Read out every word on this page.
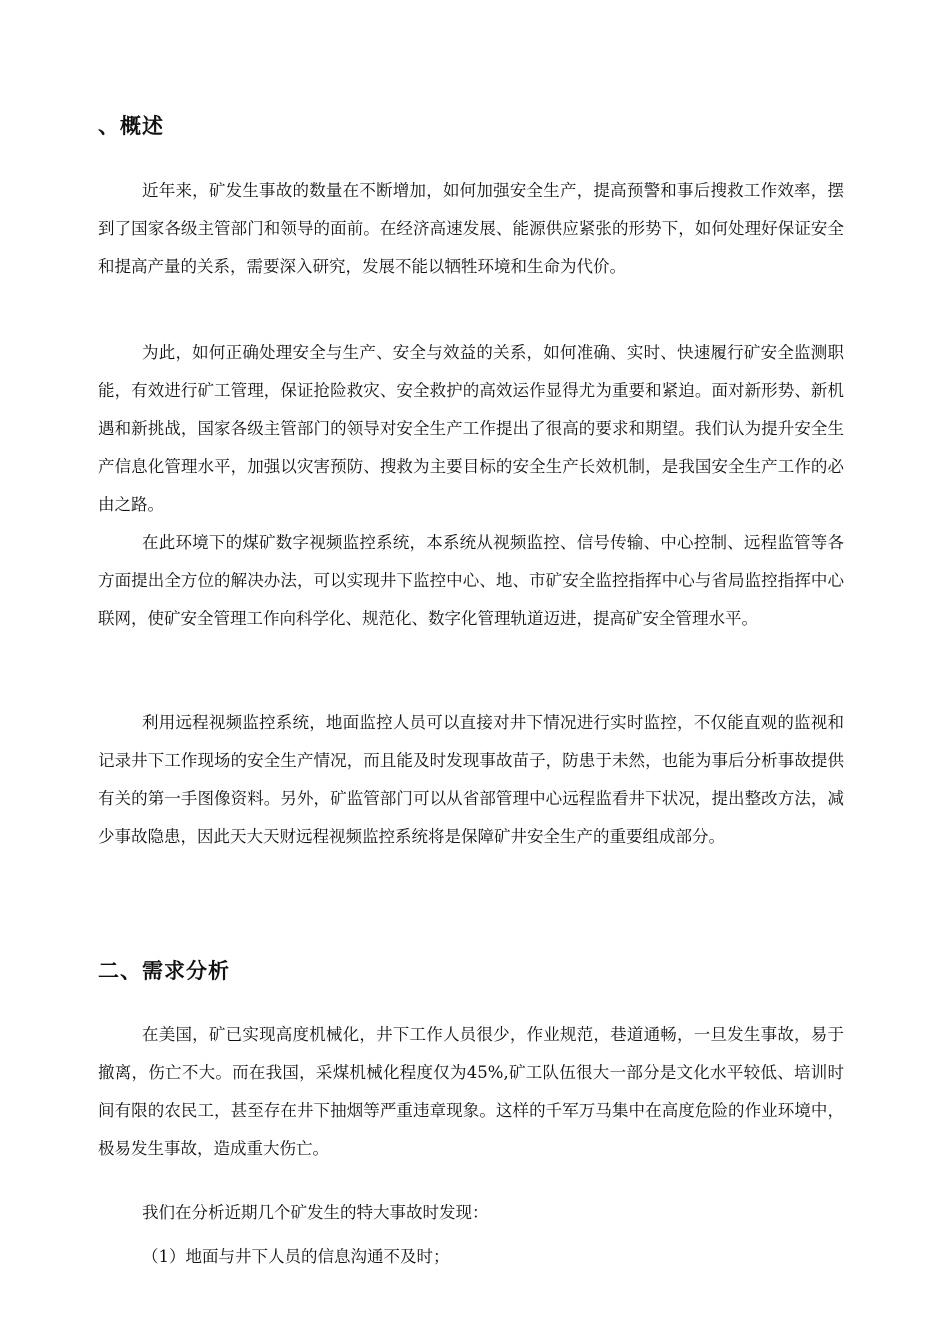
、概述

近年来，矿发生事故的数量在不断增加，如何加强安全生产，提高预警和事后搜救工作效率，摆到了国家各级主管部门和领导的面前。在经济高速发展、能源供应紧张的形势下，如何处理好保证安全和提高产量的关系，需要深入研究，发展不能以牺牲环境和生命为代价。

为此，如何正确处理安全与生产、安全与效益的关系，如何准确、实时、快速履行矿安全监测职能，有效进行矿工管理，保证抢险救灾、安全救护的高效运作显得尤为重要和紧迫。面对新形势、新机遇和新挑战，国家各级主管部门的领导对安全生产工作提出了很高的要求和期望。我们认为提升安全生产信息化管理水平，加强以灾害预防、搜救为主要目标的安全生产长效机制，是我国安全生产工作的必由之路。

在此环境下的煤矿数字视频监控系统，本系统从视频监控、信号传输、中心控制、远程监管等各方面提出全方位的解决办法，可以实现井下监控中心、地、市矿安全监控指挥中心与省局监控指挥中心联网，使矿安全管理工作向科学化、规范化、数字化管理轨道迈进，提高矿安全管理水平。

利用远程视频监控系统，地面监控人员可以直接对井下情况进行实时监控，不仅能直观的监视和记录井下工作现场的安全生产情况，而且能及时发现事故苗子，防患于未然，也能为事后分析事故提供有关的第一手图像资料。另外，矿监管部门可以从省部管理中心远程监看井下状况，提出整改方法，减少事故隐患，因此天大天财远程视频监控系统将是保障矿井安全生产的重要组成部分。

二、需求分析

在美国，矿已实现高度机械化，井下工作人员很少，作业规范，巷道通畅，一旦发生事故，易于撤离，伤亡不大。而在我国，采煤机械化程度仅为45%,矿工队伍很大一部分是文化水平较低、培训时间有限的农民工，甚至存在井下抽烟等严重违章现象。这样的千军万马集中在高度危险的作业环境中，极易发生事故，造成重大伤亡。

我们在分析近期几个矿发生的特大事故时发现：
（1）地面与井下人员的信息沟通不及时；
